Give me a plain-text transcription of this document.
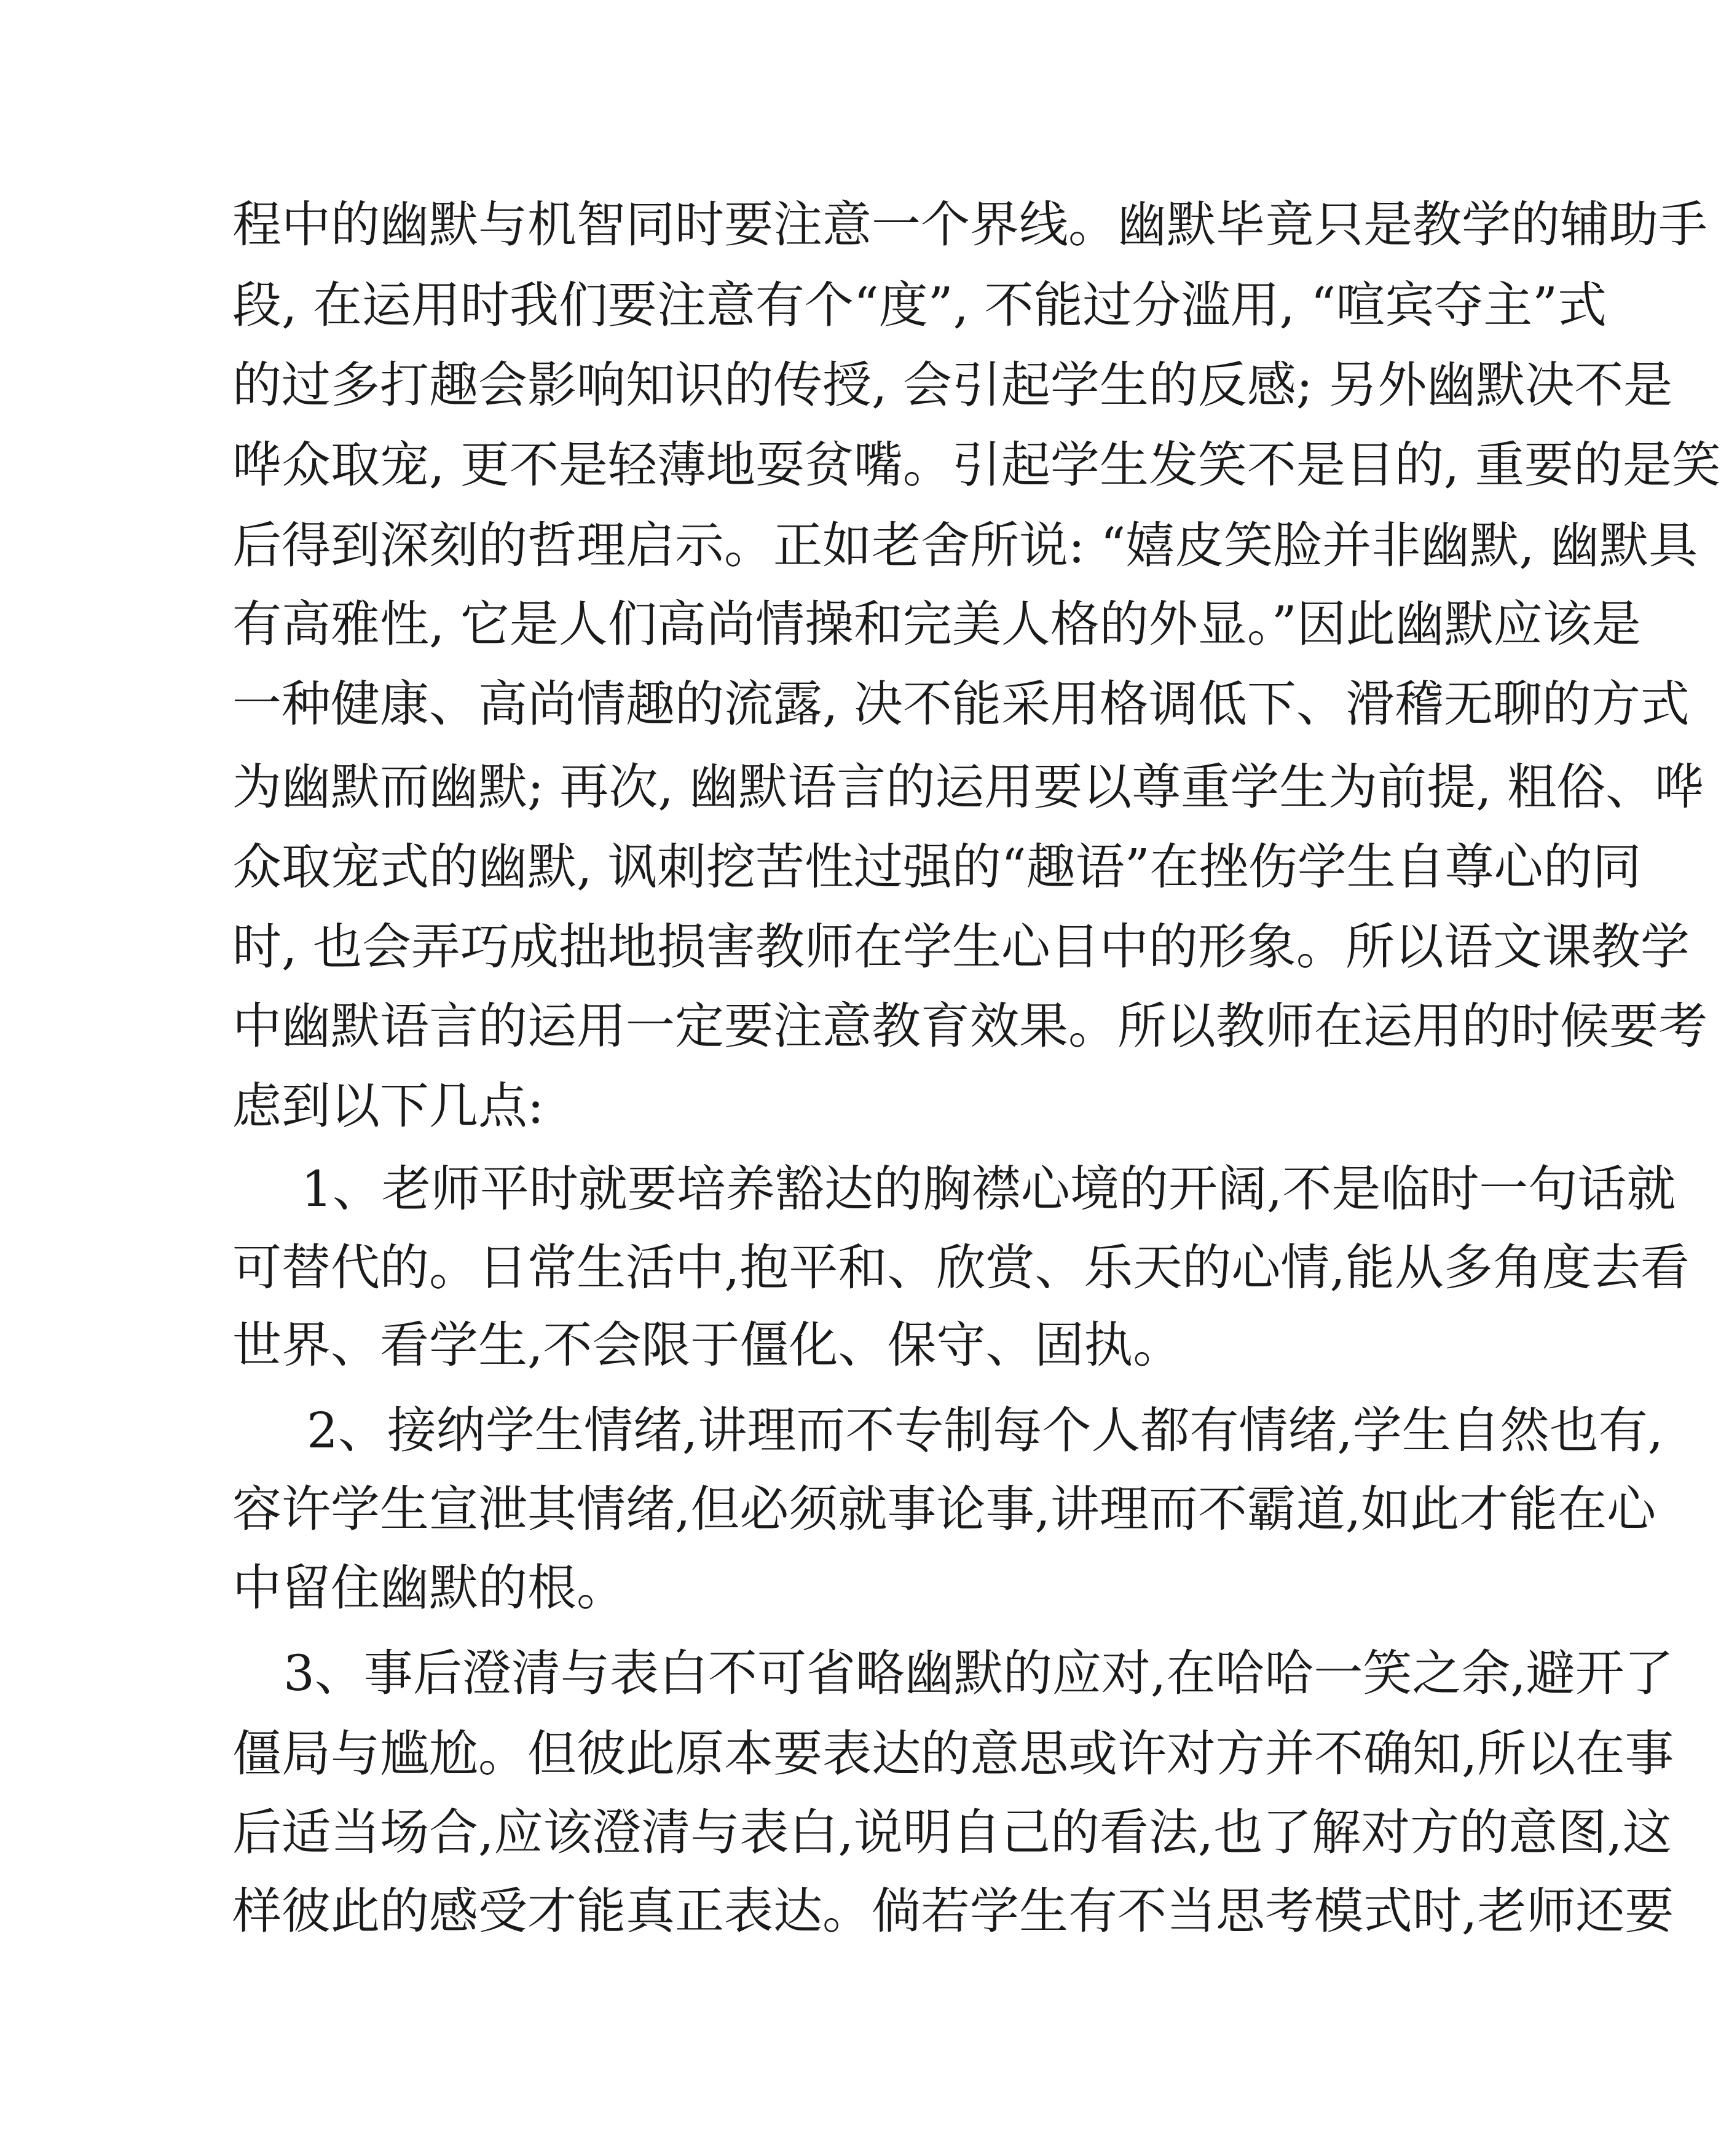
程中的幽默与机智同时要注意一个界线。幽默毕竟只是教学的辅助手
段, 在运用时我们要注意有个“度”, 不能过分滥用, “喧宾夺主”式
的过多打趣会影响知识的传授, 会引起学生的反感; 另外幽默决不是
哗众取宠, 更不是轻薄地耍贫嘴。引起学生发笑不是目的, 重要的是笑
后得到深刻的哲理启示。正如老舍所说: “嬉皮笑脸并非幽默, 幽默具
有高雅性, 它是人们高尚情操和完美人格的外显。”因此幽默应该是
一种健康、高尚情趣的流露, 决不能采用格调低下、滑稽无聊的方式
为幽默而幽默; 再次, 幽默语言的运用要以尊重学生为前提, 粗俗、哗
众取宠式的幽默, 讽刺挖苦性过强的“趣语”在挫伤学生自尊心的同
时, 也会弄巧成拙地损害教师在学生心目中的形象。所以语文课教学
中幽默语言的运用一定要注意教育效果。所以教师在运用的时候要考
虑到以下几点:
1、老师平时就要培养豁达的胸襟心境的开阔,不是临时一句话就
可替代的。日常生活中,抱平和、欣赏、乐天的心情,能从多角度去看
世界、看学生,不会限于僵化、保守、固执。
2、接纳学生情绪,讲理而不专制每个人都有情绪,学生自然也有,
容许学生宣泄其情绪,但必须就事论事,讲理而不霸道,如此才能在心
中留住幽默的根。
3、事后澄清与表白不可省略幽默的应对,在哈哈一笑之余,避开了
僵局与尴尬。但彼此原本要表达的意思或许对方并不确知,所以在事
后适当场合,应该澄清与表白,说明自己的看法,也了解对方的意图,这
样彼此的感受才能真正表达。倘若学生有不当思考模式时,老师还要
